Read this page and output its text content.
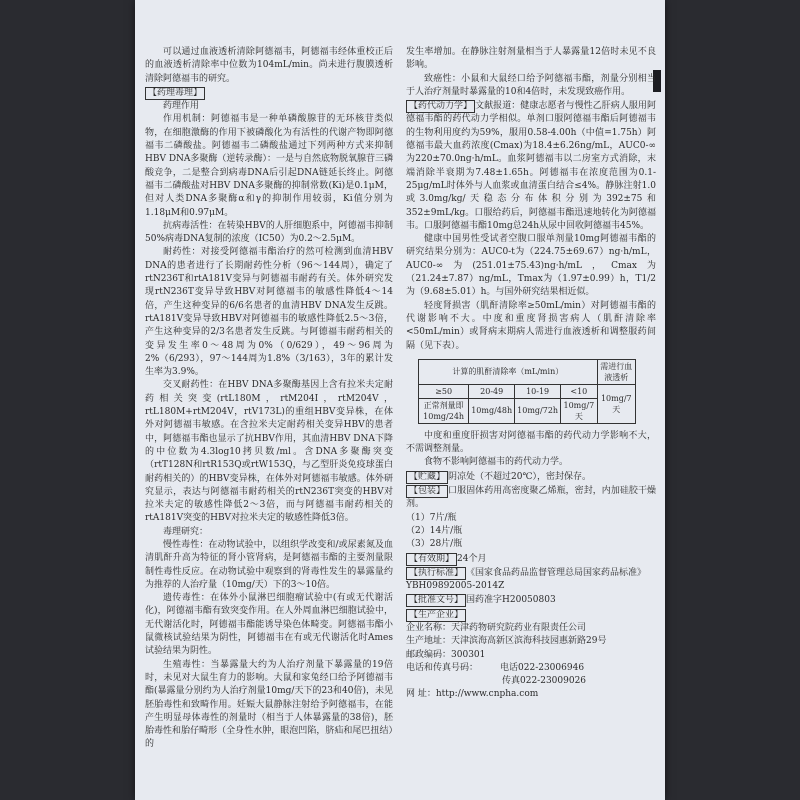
可以通过血液透析清除阿德福韦，阿德福韦经体重校正后的血液透析清除率中位数为104mL/min。尚未进行腹膜透析清除阿德福韦的研究。

【药理毒理】

药理作用

作用机制：阿德福韦是一种单磷酸腺苷的无环核苷类似物，在细胞激酶的作用下被磷酸化为有活性的代谢产物即阿德福韦二磷酸盐。阿德福韦二磷酸盐通过下列两种方式来抑制HBV DNA多聚酶（逆转录酶）：一是与自然底物脱氧腺苷三磷酸竞争，二是整合到病毒DNA后引起DNA链延长终止。阿德福韦二磷酸盐对HBV DNA多聚酶的抑制常数(Ki)是0.1μM，但对人类DNA多聚酶α和γ的抑制作用较弱，Ki值分别为1.18μM和0.97μM。

抗病毒活性：在转染HBV的人肝细胞系中，阿德福韦抑制50%病毒DNA复制的浓度（IC50）为0.2～2.5μM。

耐药性：对接受阿德福韦酯治疗的然可检测到血清HBV DNA的患者进行了长期耐药性分析（96～144周），确定了rtN236T和rtA181V变异与阿德福韦耐药有关。体外研究发现rtN236T变异导致HBV对阿德福韦的敏感性降低4～14倍，产生这种变异的6/6名患者的血清HBV DNA发生反跳。rtA181V变异导致HBV对阿德福韦的敏感性降低2.5～3倍，产生这种变异的2/3名患者发生反跳。与阿德福韦耐药相关的变异发生率0～48周为0%（0/629），49～96周为2%（6/293），97～144周为1.8%（3/163），3年的累计发生率为3.9%。

交叉耐药性：在HBV DNA多聚酶基因上含有拉米夫定耐药相关突变(rtL180M，rtM204I，rtM204V，rtL180M+rtM204V，rtV173L)的重组HBV变异株，在体外对阿德福韦敏感。在含拉米夫定耐药相关变异HBV的患者中，阿德福韦酯也显示了抗HBV作用，其血清HBV DNA下降的中位数为4.3log10拷贝数/ml。含DNA多聚酶突变（rtT128N和rtR153Q或rtW153Q，与乙型肝炎免疫球蛋白耐药相关的）的HBV变异株，在体外对阿德福韦敏感。体外研究显示，表达与阿德福韦耐药相关的rtN236T突变的HBV对拉米夫定的敏感性降低2～3倍，而与阿德福韦耐药相关的rtA181V突变的HBV对拉米夫定的敏感性降低3倍。

毒理研究：

慢性毒性：在动物试验中，以组织学改变和/或尿素氮及血清肌酐升高为特征的肾小管肾病，是阿德福韦酯的主要剂量限制性毒性反应。在动物试验中观察到的肾毒性发生的暴露量约为推荐的人治疗量（10mg/天）下的3～10倍。

遗传毒性：在体外小鼠淋巴细胞瘤试验中(有或无代谢活化)，阿德福韦酯有致突变作用。在人外周血淋巴细胞试验中，无代谢活化时，阿德福韦酯能诱导染色体畸变。阿德福韦酯小鼠微核试验结果为阴性，阿德福韦在有或无代谢活化时Ames试验结果为阴性。

生殖毒性：当暴露量大约为人治疗剂量下暴露量的19倍时，未见对大鼠生育力的影响。大鼠和家兔经口给予阿德福韦酯(暴露量分别约为人治疗剂量10mg/天下的23和40倍)，未见胚胎毒性和致畸作用。妊娠大鼠静脉注射给予阿德福韦，在能产生明显母体毒性的剂量时（相当于人体暴露量的38倍)，胚胎毒性和胎仔畸形（全身性水肿，眼泡凹陷，脐疝和尾巴扭结）的

发生率增加。在静脉注射剂量相当于人暴露量12倍时未见不良影响。

致癌性：小鼠和大鼠经口给予阿德福韦酯，剂量分别相当于人治疗剂量时暴露量的10和4倍时，未发现致癌作用。

【药代动力学】 文献报道：健康志愿者与慢性乙肝病人服用阿德福韦酯的药代动力学相似。单剂口服阿德福韦酯后阿德福韦的生物利用度约为59%，服用0.58-4.00h（中值=1.75h）阿德福韦最大血药浓度(Cmax)为18.4±6.26ng/mL，AUC0-∞为220±70.0ng·h/mL。血浆阿德福韦以二房室方式消除，末端消除半衰期为7.48±1.65h。阿德福韦在浓度范围为0.1-25μg/mL时体外与人血浆或血清蛋白结合≤4%。静脉注射1.0或3.0mg/kg/天稳态分布体积分别为392±75和352±9mL/kg。口服给药后，阿德福韦酯迅速地转化为阿德福韦。口服阿德福韦酯10mg总24h从尿中回收阿德福韦45%。

健康中国男性受试者空腹口服单剂量10mg阿德福韦酯的研究结果分别为：AUC0-t为（224.75±69.67）ng·h/mL，AUC0-∞为(251.01±75.43)ng·h/mL，Cmax为（21.24±7.87）ng/mL，Tmax为（1.97±0.99）h，T1/2为（9.68±5.01）h。与国外研究结果相近似。

轻度肾损害（肌酐清除率≥50mL/min）对阿德福韦酯的代谢影响不大。中度和重度肾损害病人（肌酐清除率<50mL/min）或肾病末期病人需进行血液透析和调整服药间隔（见下表）。

计算的肌酐清除率（mL/min）				需进行血液透析
≥50	20-49	10-19	<10	10mg/7天
正常剂量即10mg/24h	10mg/48h	10mg/72h	10mg/7天	

中度和重度肝损害对阿德福韦酯的药代动力学影响不大，不需调整剂量。

食物不影响阿德福韦的药代动力学。

【贮藏】 阴凉处（不超过20℃），密封保存。

【包装】 口服固体药用高密度聚乙烯瓶，密封，内加硅胶干燥剂。

（1）7片/瓶

（2）14片/瓶

（3）28片/瓶

【有效期】 24个月

【执行标准】 《国家食品药品监督管理总局国家药品标准》

YBH09892005-2014Z

【批准文号】 国药准字H20050803

【生产企业】

企业名称：天津药物研究院药业有限责任公司

生产地址：天津滨海高新区滨海科技园惠新路29号

邮政编码：300301

电话和传真号码： 电话022-23006946

传真022-23009026

网 址：http://www.cnpha.com
